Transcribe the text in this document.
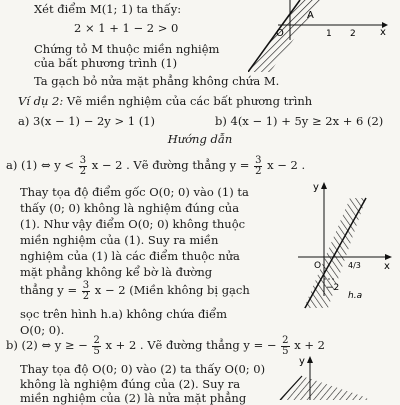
Xét điểm M(1; 1) ta thấy:
2 × 1 + 1 − 2 > 0
Chứng tỏ M thuộc miền nghiệm
của bất phương trình (1)
Ta gạch bỏ nửa mặt phẳng không chứa M.
A
O	1 2 x
Ví dụ 2: Vẽ miền nghiệm của các bất phương trình
a) 3(x − 1) − 2y > 1 (1)	b) 4(x − 1) + 5y ≥ 2x + 6 (2)
Hướng dẫn
a) (1) ⇔ $y < \frac{3}{2}$ x − 2 . Vẽ đường thẳng $y = \frac{3}{2}$ x − 2 .
Thay tọa độ điểm gốc O(0; 0) vào (1) ta
thấy (0; 0) không là nghiệm đúng của
(1). Như vậy điểm O(0; 0) không thuộc
miền nghiệm của (1). Suy ra miền
nghiệm của (1) là các điểm thuộc nửa
mặt phẳng không kể bờ là đường
thẳng $y = \frac{3}{2}$ x − 2 (Miền không bị gạch
sọc trên hình h.a) không chứa điểm
O(0; 0).
y
O	4/3 x
−2
h.a
b) (2) ⇔ y ≥ − $\frac{2}{5}$ x + 2 . Vẽ đường thẳng y = − $\frac{2}{5}$ x + 2
Thay tọa độ O(0; 0) vào (2) ta thấy O(0; 0)
không là nghiệm đúng của (2). Suy ra
miền nghiệm của (2) là nửa mặt phẳng
y
